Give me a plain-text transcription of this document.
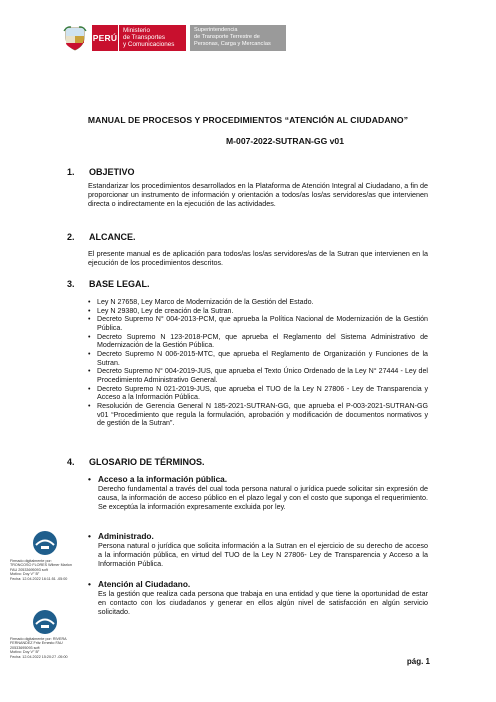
PERÚ
Ministerio
de Transportes
y Comunicaciones
Superintendencia
de Transporte Terrestre de
Personas, Carga y Mercancías
MANUAL DE PROCESOS Y PROCEDIMIENTOS “ATENCIÓN AL CIUDADANO”
M-007-2022-SUTRAN-GG v01
1. OBJETIVO
Estandarizar los procedimientos desarrollados en la Plataforma de Atención Integral al Ciudadano, a fin de proporcionar un instrumento de información y orientación a todos/as los/as servidores/as que intervienen directa o indirectamente en la ejecución de las actividades.
2. ALCANCE.
El presente manual es de aplicación para todos/as los/as servidores/as de la Sutran que intervienen en la ejecución de los procedimientos descritos.
3. BASE LEGAL.
• Ley N 27658, Ley Marco de Modernización de la Gestión del Estado.
• Ley N 29380, Ley de creación de la Sutran.
• Decreto Supremo N° 004-2013-PCM, que aprueba la Política Nacional de Modernización de la Gestión Pública.
• Decreto Supremo N 123-2018-PCM, que aprueba el Reglamento del Sistema Administrativo de Modernización de la Gestión Pública.
• Decreto Supremo N 006-2015-MTC, que aprueba el Reglamento de Organización y Funciones de la Sutran.
• Decreto Supremo N° 004-2019-JUS, que aprueba el Texto Único Ordenado de la Ley N° 27444 - Ley del Procedimiento Administrativo General.
• Decreto Supremo N 021-2019-JUS, que aprueba el TUO de la Ley N 27806 - Ley de Transparencia y Acceso a la Información Pública.
• Resolución de Gerencia General N 185-2021-SUTRAN-GG, que aprueba el P-003-2021-SUTRAN-GG v01 “Procedimiento que regula la formulación, aprobación y modificación de documentos normativos y de gestión de la Sutran”.
4. GLOSARIO DE TÉRMINOS.
• Acceso a la información pública.
Derecho fundamental a través del cual toda persona natural o jurídica puede solicitar sin expresión de causa, la información de acceso público en el plazo legal y con el costo que suponga el requerimiento. Se exceptúa la información expresamente excluida por ley.
• Administrado.
Persona natural o jurídica que solicita información a la Sutran en el ejercicio de su derecho de acceso a la información pública, en virtud del TUO de la Ley N 27806- Ley de Transparencia y Acceso a la Información Pública.
• Atención al Ciudadano.
Es la gestión que realiza cada persona que trabaja en una entidad y que tiene la oportunidad de estar en contacto con los ciudadanos y generar en ellos algún nivel de satisfacción en algún servicio solicitado.
Firmado digitalmente por:
TRONCOSO FLORES Wilmer Marlon
FAU 20533695093 soft
Motivo: Doy V° B°
Fecha: 12.04.2022 16:11:51 -05:00
Firmado digitalmente por: RIVERA
FERNANDEZ Fritz Ernesto FAU
20533695093 soft
Motivo: Doy V° B°
Fecha: 12.04.2022 15:20:27 -05:00
pág. 1
